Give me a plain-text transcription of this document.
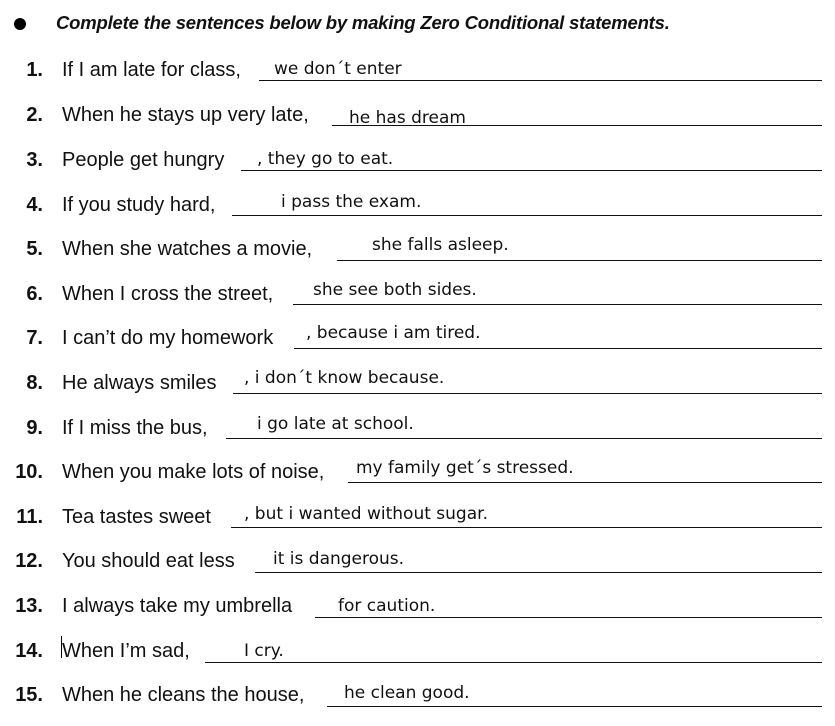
Complete the sentences below by making Zero Conditional statements.
1. If I am late for class, we don´t enter
2. When he stays up very late, he has dream
3. People get hungry , they go to eat.
4. If you study hard,	i pass the exam.
5. When she watches a movie,	she falls asleep.
6. When I cross the street, she see both sides.
7. I can’t do my homework , because i am tired.
8. He always smiles , i don´t know because.
9. If I miss the bus,	i go late at school.
10. When you make lots of noise, my family get´s stressed.
11. Tea tastes sweet , but i wanted without sugar.
12. You should eat less it is dangerous.
13. I always take my umbrella	for caution.
14. When I’m sad,	I cry.
15. When he cleans the house, he clean good.
